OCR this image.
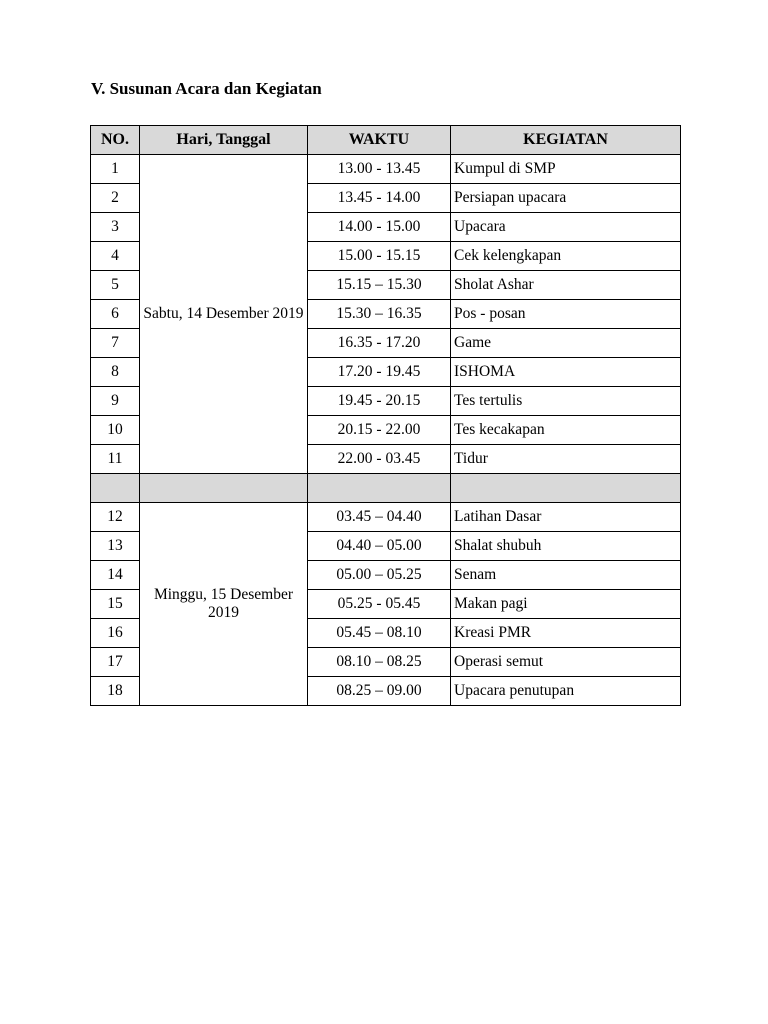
V. Susunan Acara dan Kegiatan
NO.	Hari, Tanggal	WAKTU	KEGIATAN
1	Sabtu, 14 Desember 2019	13.00 - 13.45	Kumpul di SMP
2		13.45 - 14.00	Persiapan upacara
3		14.00 - 15.00	Upacara
4		15.00 - 15.15	Cek kelengkapan
5		15.15 – 15.30	Sholat Ashar
6		15.30 – 16.35	Pos - posan
7		16.35 - 17.20	Game
8		17.20 - 19.45	ISHOMA
9		19.45 - 20.15	Tes tertulis
10		20.15 - 22.00	Tes kecakapan
11		22.00 - 03.45	Tidur

12	Minggu, 15 Desember 2019	03.45 – 04.40	Latihan Dasar
13		04.40 – 05.00	Shalat shubuh
14		05.00 – 05.25	Senam
15		05.25 - 05.45	Makan pagi
16		05.45 – 08.10	Kreasi PMR
17		08.10 – 08.25	Operasi semut
18		08.25 – 09.00	Upacara penutupan
